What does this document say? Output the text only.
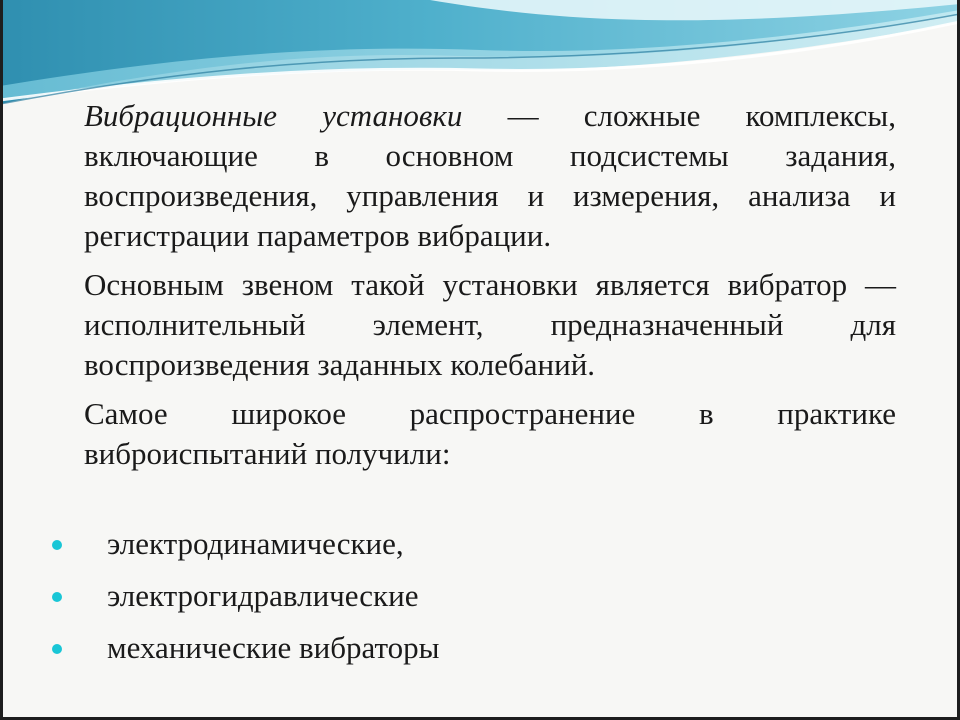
Вибрационные установки — сложные комплексы, включающие в основном подсистемы задания, воспроизведения, управления и измерения, анализа и регистрации параметров вибрации.

Основным звеном такой установки является вибратор — исполнительный элемент, предназначенный для воспроизведения заданных колебаний.

Самое широкое распространение в практике виброиспытаний получили:

электродинамические,
электрогидравлические
механические вибраторы
